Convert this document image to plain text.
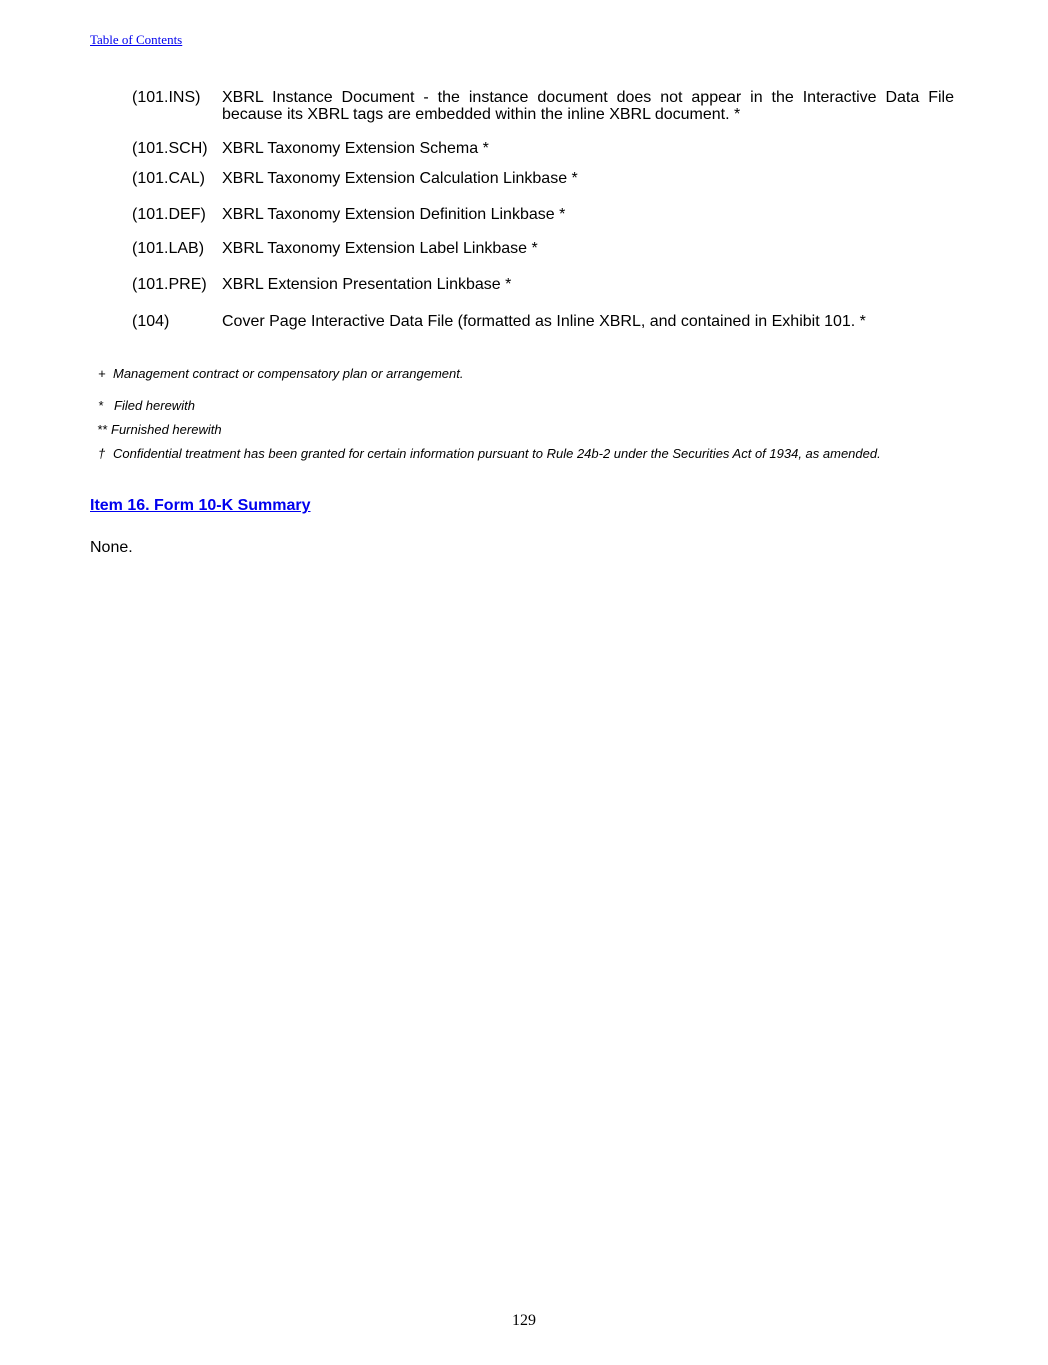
Table of Contents
(101.INS) XBRL Instance Document - the instance document does not appear in the Interactive Data File because its XBRL tags are embedded within the inline XBRL document. *
(101.SCH) XBRL Taxonomy Extension Schema *
(101.CAL) XBRL Taxonomy Extension Calculation Linkbase *
(101.DEF) XBRL Taxonomy Extension Definition Linkbase *
(101.LAB) XBRL Taxonomy Extension Label Linkbase *
(101.PRE) XBRL Extension Presentation Linkbase *
(104)	Cover Page Interactive Data File (formatted as Inline XBRL, and contained in Exhibit 101. *
+ Management contract or compensatory plan or arrangement.
* Filed herewith
** Furnished herewith
† Confidential treatment has been granted for certain information pursuant to Rule 24b-2 under the Securities Act of 1934, as amended.
Item 16. Form 10-K Summary
None.
129
